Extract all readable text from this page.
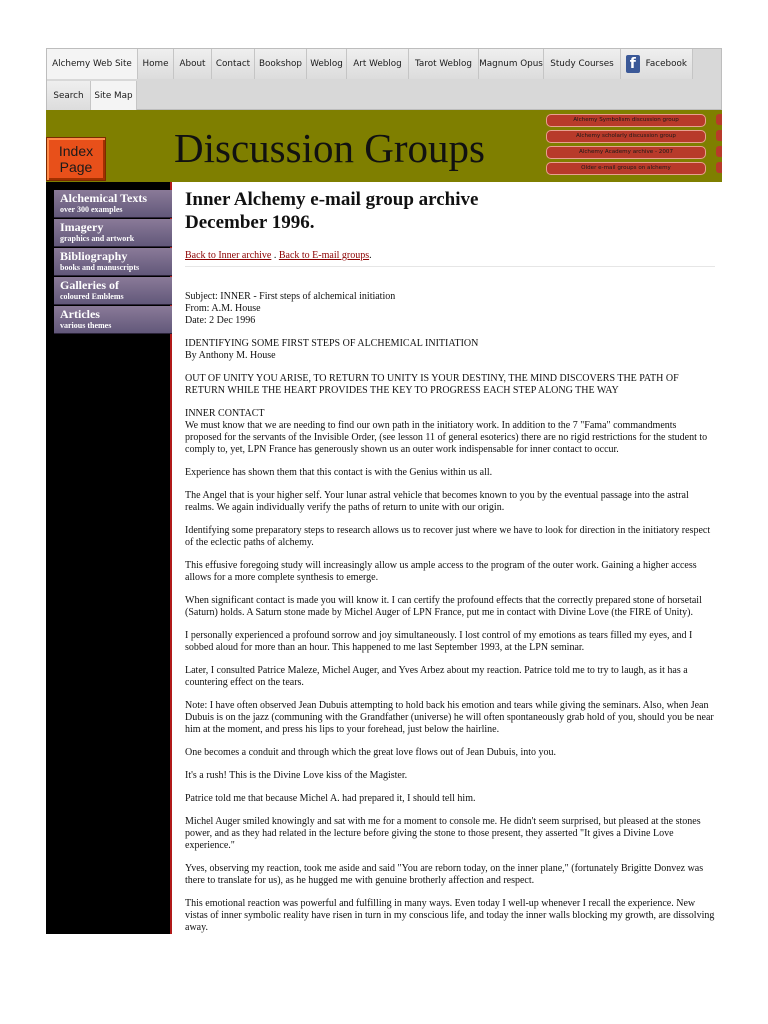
Alchemy Web Site	Home	About	Contact	Bookshop Weblog	Art Weblog	Tarot Weblog Magnum Opus Study Courses	f	Facebook
Search	Site Map
Index
Page	Discussion Groups
Alchemy Symbolism discussion group
Alchemy scholarly discussion group
Alchemy Academy archive - 2007
Older e-mail groups on alchemy
Alchemical Texts
over 300 examples
Imagery
graphics and artwork
Bibliography
books and manuscripts
Galleries of
coloured Emblems
Articles
various themes
Inner Alchemy e-mail group archive
December 1996.
Back to Inner archive . Back to E-mail groups.

Subject: INNER - First steps of alchemical initiation
From: A.M. House
Date: 2 Dec 1996

IDENTIFYING SOME FIRST STEPS OF ALCHEMICAL INITIATION
By Anthony M. House

OUT OF UNITY YOU ARISE, TO RETURN TO UNITY IS YOUR DESTINY, THE MIND DISCOVERS THE PATH OF RETURN WHILE THE HEART PROVIDES THE KEY TO PROGRESS EACH STEP ALONG THE WAY

INNER CONTACT
We must know that we are needing to find our own path in the initiatory work. In addition to the 7 "Fama" commandments proposed for the servants of the Invisible Order, (see lesson 11 of general esoterics) there are no rigid restrictions for the student to comply to, yet, LPN France has generously shown us an outer work indispensable for inner contact to occur.

Experience has shown them that this contact is with the Genius within us all.

The Angel that is your higher self. Your lunar astral vehicle that becomes known to you by the eventual passage into the astral realms. We again individually verify the paths of return to unite with our origin.

Identifying some preparatory steps to research allows us to recover just where we have to look for direction in the initiatory respect of the eclectic paths of alchemy.

This effusive foregoing study will increasingly allow us ample access to the program of the outer work. Gaining a higher access allows for a more complete synthesis to emerge.

When significant contact is made you will know it. I can certify the profound effects that the correctly prepared stone of horsetail (Saturn) holds. A Saturn stone made by Michel Auger of LPN France, put me in contact with Divine Love (the FIRE of Unity).

I personally experienced a profound sorrow and joy simultaneously. I lost control of my emotions as tears filled my eyes, and I sobbed aloud for more than an hour. This happened to me last September 1993, at the LPN seminar.

Later, I consulted Patrice Maleze, Michel Auger, and Yves Arbez about my reaction. Patrice told me to try to laugh, as it has a countering effect on the tears.

Note: I have often observed Jean Dubuis attempting to hold back his emotion and tears while giving the seminars. Also, when Jean Dubuis is on the jazz (communing with the Grandfather (universe) he will often spontaneously grab hold of you, should you be near him at the moment, and press his lips to your forehead, just below the hairline.

One becomes a conduit and through which the great love flows out of Jean Dubuis, into you.

It's a rush! This is the Divine Love kiss of the Magister.

Patrice told me that because Michel A. had prepared it, I should tell him.

Michel Auger smiled knowingly and sat with me for a moment to console me. He didn't seem surprised, but pleased at the stones power, and as they had related in the lecture before giving the stone to those present, they asserted "It gives a Divine Love experience."

Yves, observing my reaction, took me aside and said "You are reborn today, on the inner plane," (fortunately Brigitte Donvez was there to translate for us), as he hugged me with genuine brotherly affection and respect.

This emotional reaction was powerful and fulfilling in many ways. Even today I well-up whenever I recall the experience. New vistas of inner symbolic reality have risen in turn in my conscious life, and today the inner walls blocking my growth, are dissolving away.
